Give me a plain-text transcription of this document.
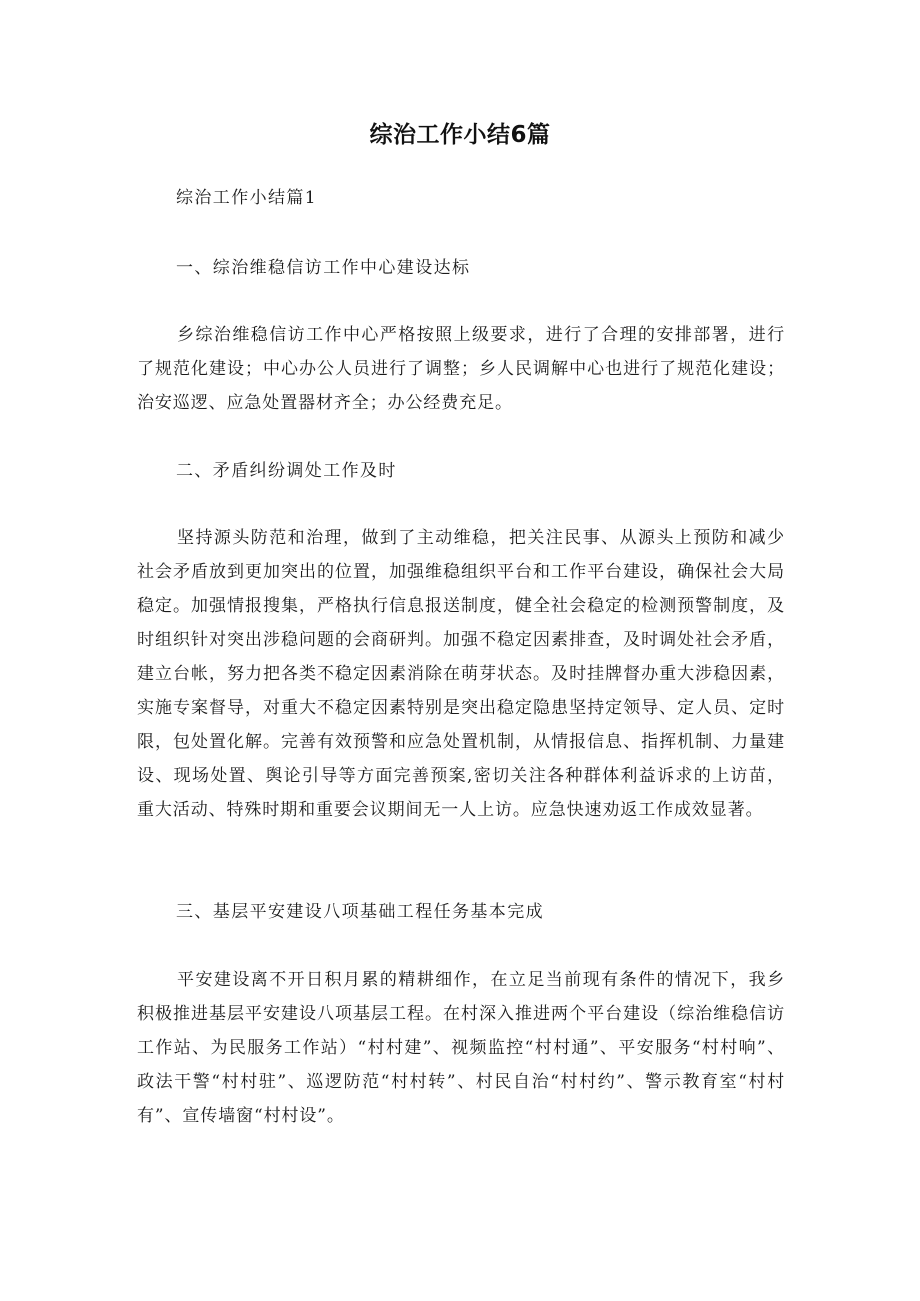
综治工作小结6篇
综治工作小结篇1
一、综治维稳信访工作中心建设达标
乡综治维稳信访工作中心严格按照上级要求，进行了合理的安排部署，进行了规范化建设；中心办公人员进行了调整；乡人民调解中心也进行了规范化建设；治安巡逻、应急处置器材齐全；办公经费充足。
二、矛盾纠纷调处工作及时
坚持源头防范和治理，做到了主动维稳，把关注民事、从源头上预防和减少社会矛盾放到更加突出的位置，加强维稳组织平台和工作平台建设，确保社会大局稳定。加强情报搜集，严格执行信息报送制度，健全社会稳定的检测预警制度，及时组织针对突出涉稳问题的会商研判。加强不稳定因素排查，及时调处社会矛盾，建立台帐，努力把各类不稳定因素消除在萌芽状态。及时挂牌督办重大涉稳因素，实施专案督导，对重大不稳定因素特别是突出稳定隐患坚持定领导、定人员、定时限，包处置化解。完善有效预警和应急处置机制，从情报信息、指挥机制、力量建设、现场处置、舆论引导等方面完善预案,密切关注各种群体利益诉求的上访苗，重大活动、特殊时期和重要会议期间无一人上访。应急快速劝返工作成效显著。
三、基层平安建设八项基础工程任务基本完成
平安建设离不开日积月累的精耕细作，在立足当前现有条件的情况下，我乡积极推进基层平安建设八项基层工程。在村深入推进两个平台建设（综治维稳信访工作站、为民服务工作站）“村村建”、视频监控“村村通”、平安服务“村村响”、政法干警“村村驻”、巡逻防范“村村转”、村民自治“村村约”、警示教育室“村村有”、宣传墙窗“村村设”。
